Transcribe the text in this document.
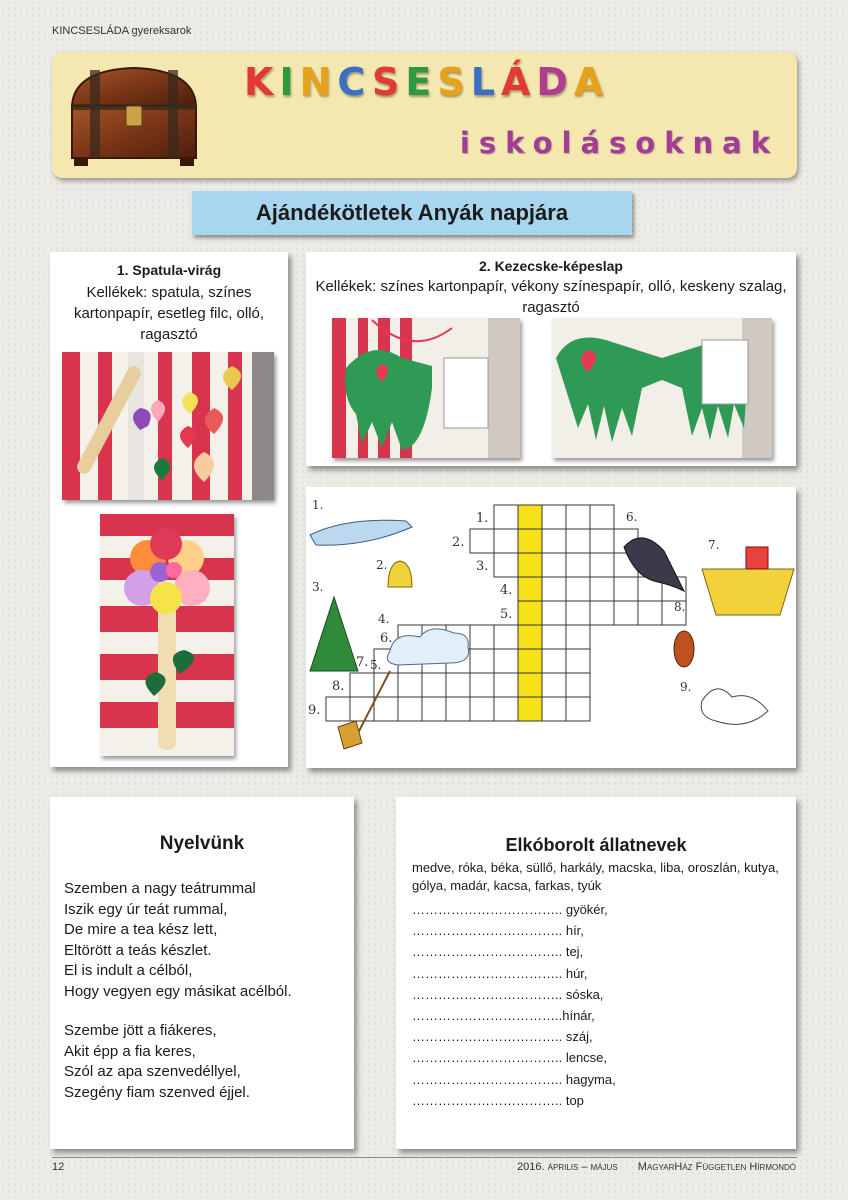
KINCSESLÁDA gyereksarok
KINCSESLÁDA
iskolásoknak
Ajándékötletek Anyák napjára
1. Spatula-virág
Kellékek: spatula, színes kartonpapír, esetleg filc, olló, ragasztó
2. Kezecske-képeslap
Kellékek: színes kartonpapír, vékony színespapír, olló, keskeny szalag, ragasztó
1.
2.
3.
4.
5.
6.
7.
8.
9.
1.
2.
3.
4.
5.
6.
7.
8.
9.
Nyelvünk
Szemben a nagy teátrummal
Iszik egy úr teát rummal,
De mire a tea kész lett,
Eltörött a teás készlet.
El is indult a célból,
Hogy vegyen egy másikat acélból.
Szembe jött a fiákeres,
Akit épp a fia keres,
Szól az apa szenvedéllyel,
Szegény fiam szenved éjjel.
Elkóborolt állatnevek
medve, róka, béka, süllő, harkály, macska, liba, oroszlán, kutya, gólya, madár, kacsa, farkas, tyúk
…………………………….. gyökér,
…………………………….. hír,
…………………………….. tej,
…………………………….. húr,
…………………………….. sóska,
……………………………..hínár,
…………………………….. száj,
…………………………….. lencse,
…………………………….. hagyma,
…………………………….. top
12	2016. április – május MagyarHáz Független Hírmondó
